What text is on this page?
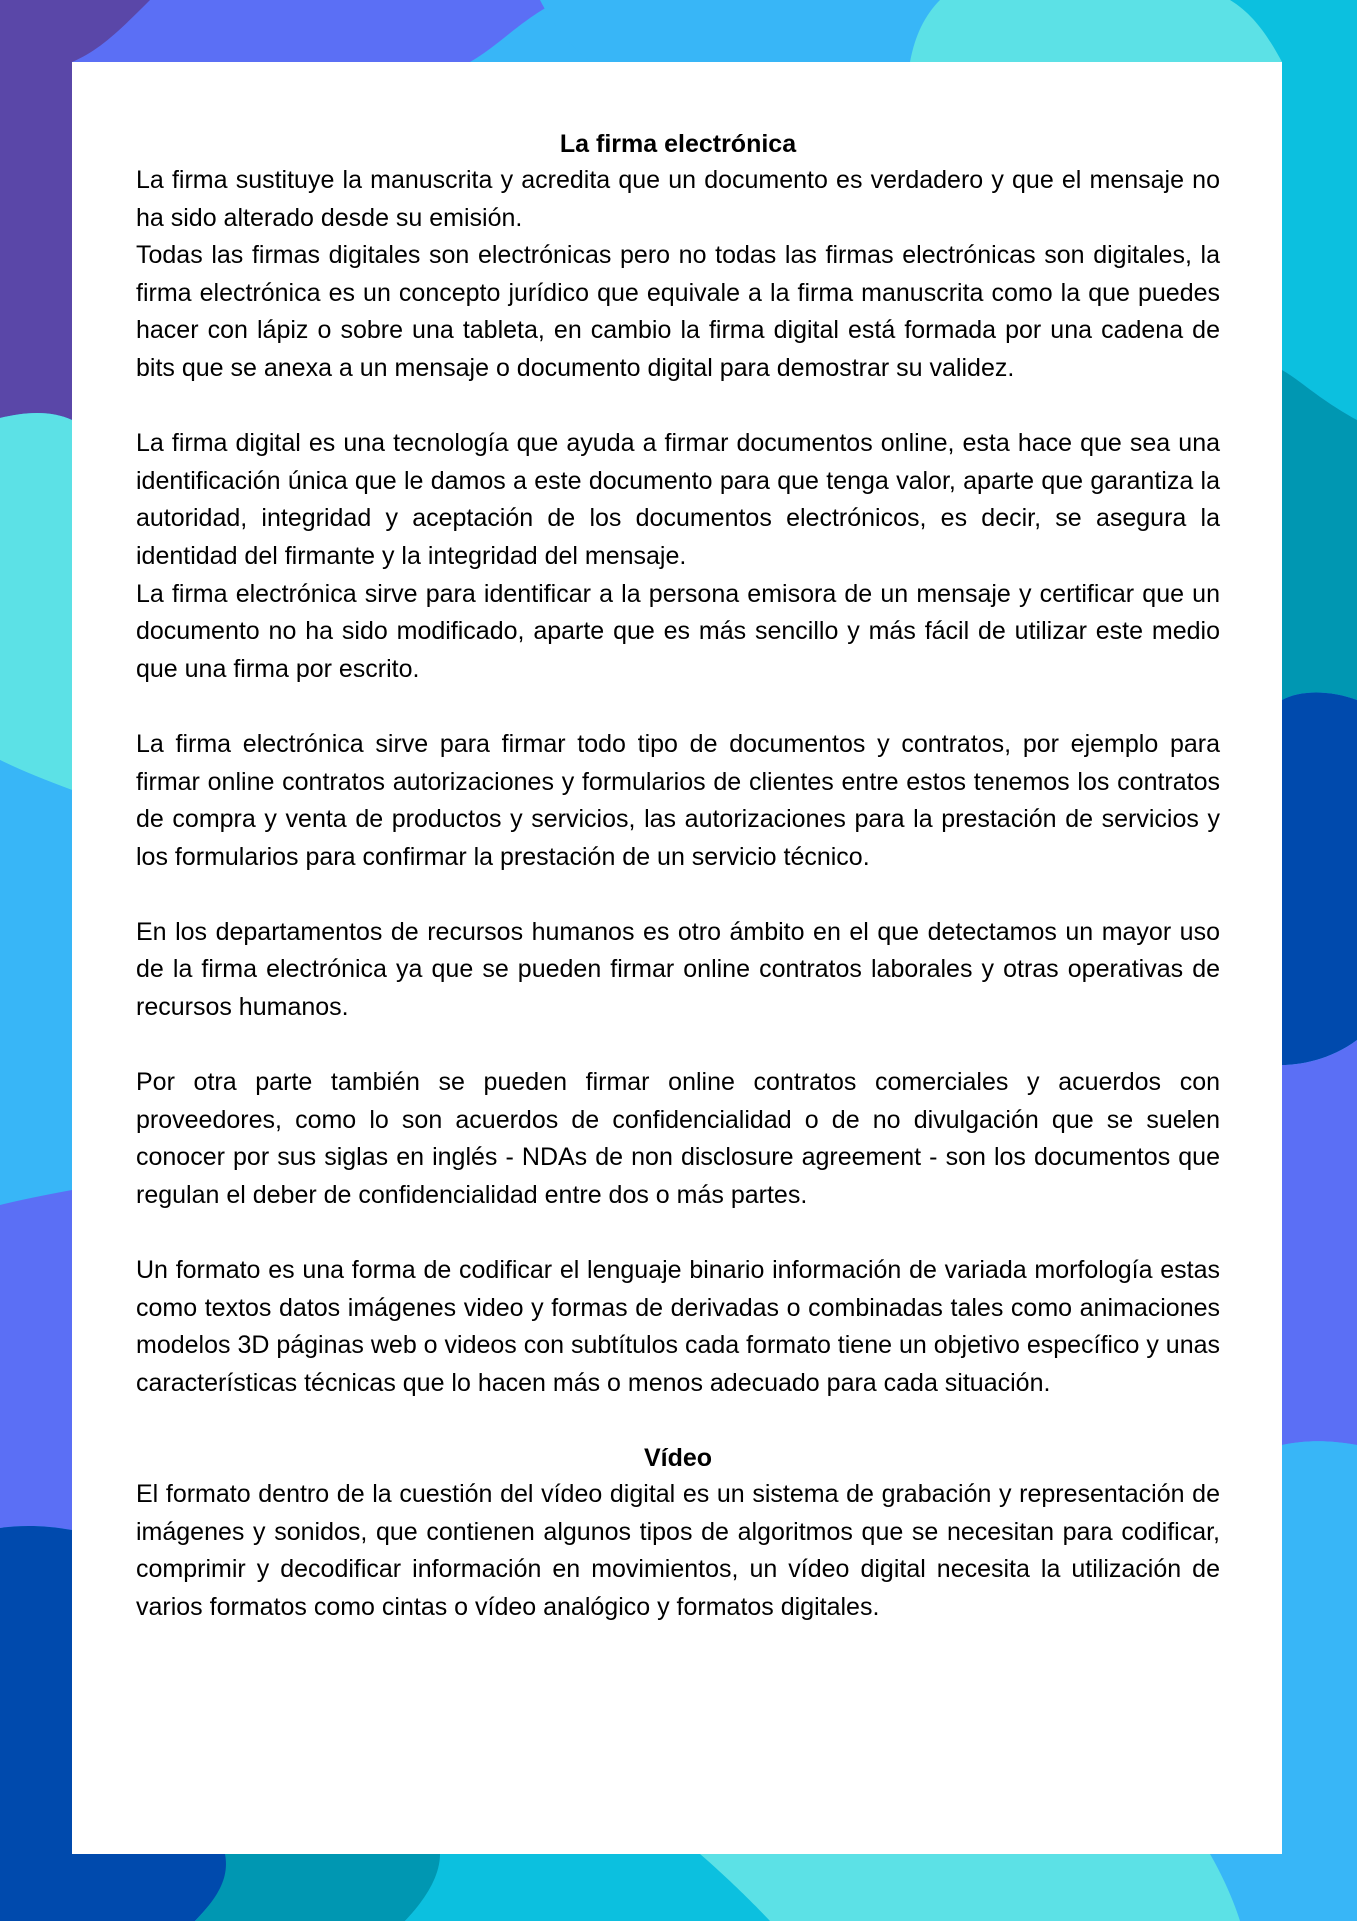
La firma electrónica

La firma sustituye la manuscrita y acredita que un documento es verdadero y que el mensaje no ha sido alterado desde su emisión.

Todas las firmas digitales son electrónicas pero no todas las firmas electrónicas son digitales, la firma electrónica es un concepto jurídico que equivale a la firma manuscrita como la que puedes hacer con lápiz o sobre una tableta, en cambio la firma digital está formada por una cadena de bits que se anexa a un mensaje o documento digital para demostrar su validez.

La firma digital es una tecnología que ayuda a firmar documentos online, esta hace que sea una identificación única que le damos a este documento para que tenga valor, aparte que garantiza la autoridad, integridad y aceptación de los documentos electrónicos, es decir, se asegura la identidad del firmante y la integridad del mensaje.

La firma electrónica sirve para identificar a la persona emisora de un mensaje y certificar que un documento no ha sido modificado, aparte que es más sencillo y más fácil de utilizar este medio que una firma por escrito.

La firma electrónica sirve para firmar todo tipo de documentos y contratos, por ejemplo para firmar online contratos autorizaciones y formularios de clientes entre estos tenemos los contratos de compra y venta de productos y servicios, las autorizaciones para la prestación de servicios y los formularios para confirmar la prestación de un servicio técnico.

En los departamentos de recursos humanos es otro ámbito en el que detectamos un mayor uso de la firma electrónica ya que se pueden firmar online contratos laborales y otras operativas de recursos humanos.

Por otra parte también se pueden firmar online contratos comerciales y acuerdos con proveedores, como lo son acuerdos de confidencialidad o de no divulgación que se suelen conocer por sus siglas en inglés - NDAs de non disclosure agreement - son los documentos que regulan el deber de confidencialidad entre dos o más partes.

Un formato es una forma de codificar el lenguaje binario información de variada morfología estas como textos datos imágenes video y formas de derivadas o combinadas tales como animaciones modelos 3D páginas web o videos con subtítulos cada formato tiene un objetivo específico y unas características técnicas que lo hacen más o menos adecuado para cada situación.

Vídeo

El formato dentro de la cuestión del vídeo digital es un sistema de grabación y representación de imágenes y sonidos, que contienen algunos tipos de algoritmos que se necesitan para codificar, comprimir y decodificar información en movimientos, un vídeo digital necesita la utilización de varios formatos como cintas o vídeo analógico y formatos digitales.
